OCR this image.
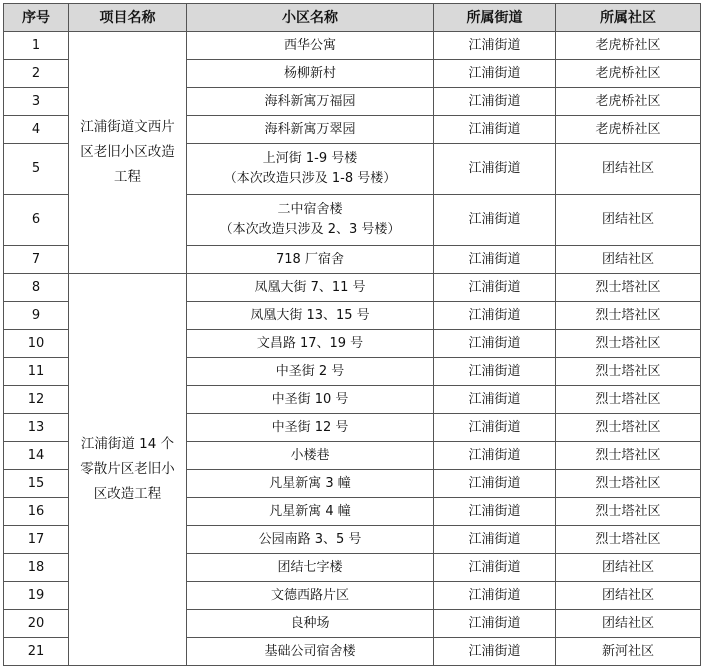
序号	项目名称	小区名称	所属街道	所属社区
1	江浦街道文西片区老旧小区改造工程	西华公寓	江浦街道	老虎桥社区
2		杨柳新村	江浦街道	老虎桥社区
3		海科新寓万福园	江浦街道	老虎桥社区
4		海科新寓万翠园	江浦街道	老虎桥社区
5		上河街 1-9 号楼
（本次改造只涉及 1-8 号楼）	江浦街道	团结社区
6		二中宿舍楼
（本次改造只涉及 2、3 号楼）	江浦街道	团结社区
7		718 厂宿舍	江浦街道	团结社区
8	江浦街道 14 个零散片区老旧小区改造工程	凤凰大街 7、11 号	江浦街道	烈士塔社区
9		凤凰大街 13、15 号	江浦街道	烈士塔社区
10		文昌路 17、19 号	江浦街道	烈士塔社区
11		中圣街 2 号	江浦街道	烈士塔社区
12		中圣街 10 号	江浦街道	烈士塔社区
13		中圣街 12 号	江浦街道	烈士塔社区
14		小楼巷	江浦街道	烈士塔社区
15		凡星新寓 3 幢	江浦街道	烈士塔社区
16		凡星新寓 4 幢	江浦街道	烈士塔社区
17		公园南路 3、5 号	江浦街道	烈士塔社区
18		团结七字楼	江浦街道	团结社区
19		文德西路片区	江浦街道	团结社区
20		良种场	江浦街道	团结社区
21		基础公司宿舍楼	江浦街道	新河社区
